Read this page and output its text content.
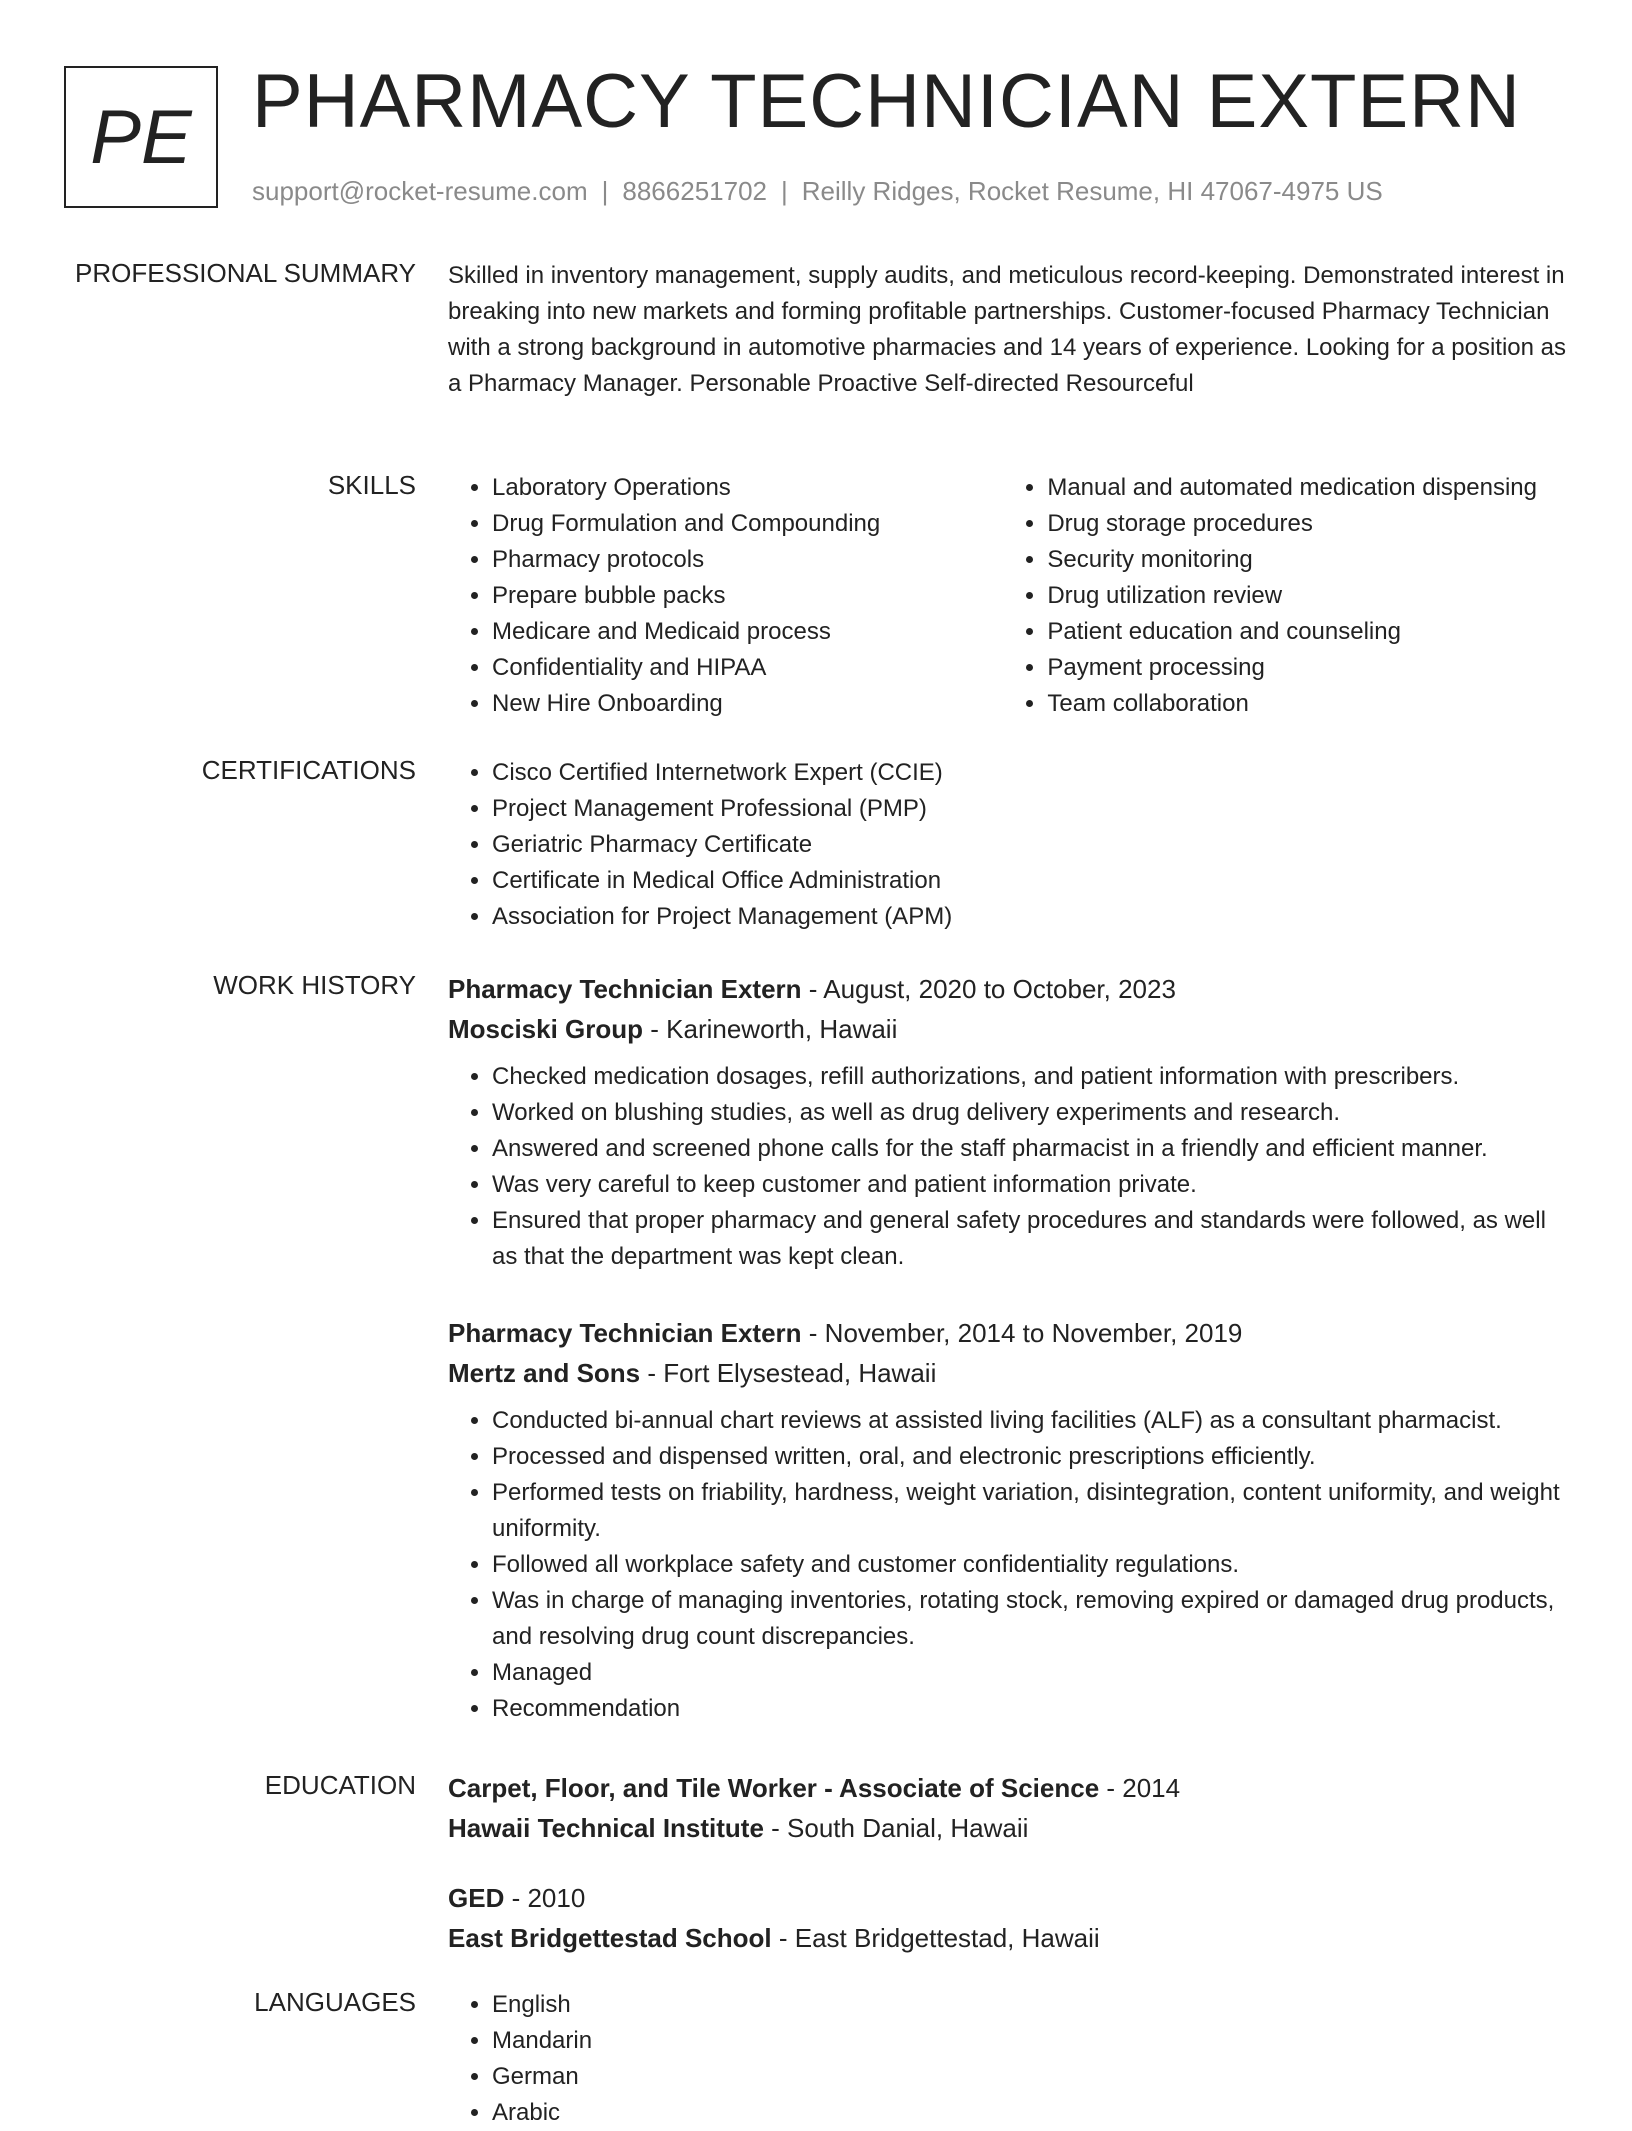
PE PHARMACY TECHNICIAN EXTERN
support@rocket-resume.com | 8866251702 | Reilly Ridges, Rocket Resume, HI 47067-4975 US
PROFESSIONAL SUMMARY Skilled in inventory management, supply audits, and meticulous record-keeping. Demonstrated interest in breaking into new markets and forming profitable partnerships. Customer-focused Pharmacy Technician with a strong background in automotive pharmacies and 14 years of experience. Looking for a position as a Pharmacy Manager. Personable Proactive Self-directed Resourceful

SKILLS	• Laboratory Operations
• Drug Formulation and Compounding
• Pharmacy protocols
• Prepare bubble packs
• Medicare and Medicaid process
• Confidentiality and HIPAA
• New Hire Onboarding
• Manual and automated medication dispensing
• Drug storage procedures
• Security monitoring
• Drug utilization review
• Patient education and counseling
• Payment processing
• Team collaboration
CERTIFICATIONS	• Cisco Certified Internetwork Expert (CCIE)
• Project Management Professional (PMP)
• Geriatric Pharmacy Certificate
• Certificate in Medical Office Administration
• Association for Project Management (APM)
WORK HISTORY Pharmacy Technician Extern - August, 2020 to October, 2023
Mosciski Group - Karineworth, Hawaii
• Checked medication dosages, refill authorizations, and patient information with prescribers.
• Worked on blushing studies, as well as drug delivery experiments and research.
• Answered and screened phone calls for the staff pharmacist in a friendly and efficient manner.
• Was very careful to keep customer and patient information private.
• Ensured that proper pharmacy and general safety procedures and standards were followed, as well as that the department was kept clean.
Pharmacy Technician Extern - November, 2014 to November, 2019
Mertz and Sons - Fort Elysestead, Hawaii
• Conducted bi-annual chart reviews at assisted living facilities (ALF) as a consultant pharmacist.
• Processed and dispensed written, oral, and electronic prescriptions efficiently.
• Performed tests on friability, hardness, weight variation, disintegration, content uniformity, and weight uniformity.
• Followed all workplace safety and customer confidentiality regulations.
• Was in charge of managing inventories, rotating stock, removing expired or damaged drug products, and resolving drug count discrepancies.
• Managed
• Recommendation
EDUCATION Carpet, Floor, and Tile Worker - Associate of Science - 2014
Hawaii Technical Institute - South Danial, Hawaii
GED - 2010
East Bridgettestad School - East Bridgettestad, Hawaii
LANGUAGES	• English
• Mandarin
• German
• Arabic
